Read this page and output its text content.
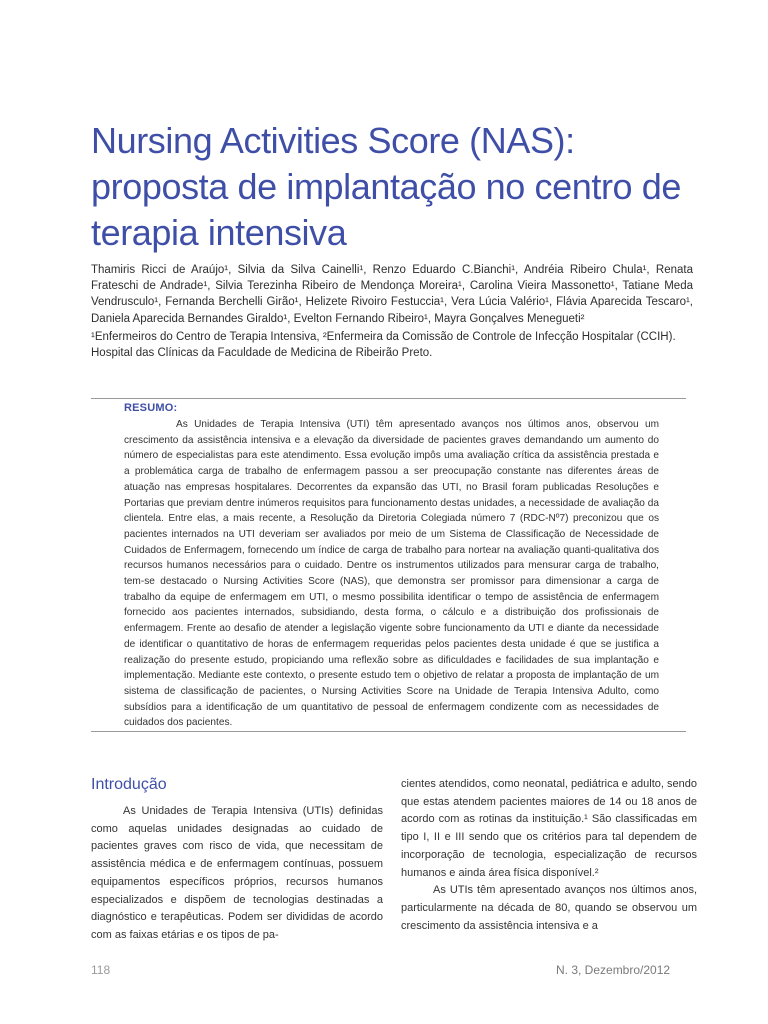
Nursing Activities Score (NAS): proposta de implantação no centro de terapia intensiva
Thamiris Ricci de Araújo¹, Silvia da Silva Cainelli¹, Renzo Eduardo C.Bianchi¹, Andréia Ribeiro Chula¹, Renata Frateschi de Andrade¹, Silvia Terezinha Ribeiro de Mendonça Moreira¹, Carolina Vieira Massonetto¹, Tatiane Meda Vendrusculo¹, Fernanda Berchelli Girão¹, Helizete Rivoiro Festuccia¹, Vera Lúcia Valério¹, Flávia Aparecida Tescaro¹, Daniela Aparecida Bernandes Giraldo¹, Evelton Fernando Ribeiro¹, Mayra Gonçalves Menegueti²
¹Enfermeiros do Centro de Terapia Intensiva, ²Enfermeira da Comissão de Controle de Infecção Hospitalar (CCIH). Hospital das Clínicas da Faculdade de Medicina de Ribeirão Preto.
RESUMO:
As Unidades de Terapia Intensiva (UTI) têm apresentado avanços nos últimos anos, observou um crescimento da assistência intensiva e a elevação da diversidade de pacientes graves demandando um aumento do número de especialistas para este atendimento. Essa evolução impôs uma avaliação crítica da assistência prestada e a problemática carga de trabalho de enfermagem passou a ser preocupação constante nas diferentes áreas de atuação nas empresas hospitalares. Decorrentes da expansão das UTI, no Brasil foram publicadas Resoluções e Portarias que previam dentre inúmeros requisitos para funcionamento destas unidades, a necessidade de avaliação da clientela. Entre elas, a mais recente, a Resolução da Diretoria Colegiada número 7 (RDC-Nº7) preconizou que os pacientes internados na UTI deveriam ser avaliados por meio de um Sistema de Classificação de Necessidade de Cuidados de Enfermagem, fornecendo um índice de carga de trabalho para nortear na avaliação quanti-qualitativa dos recursos humanos necessários para o cuidado. Dentre os instrumentos utilizados para mensurar carga de trabalho, tem-se destacado o Nursing Activities Score (NAS), que demonstra ser promissor para dimensionar a carga de trabalho da equipe de enfermagem em UTI, o mesmo possibilita identificar o tempo de assistência de enfermagem fornecido aos pacientes internados, subsidiando, desta forma, o cálculo e a distribuição dos profissionais de enfermagem. Frente ao desafio de atender a legislação vigente sobre funcionamento da UTI e diante da necessidade de identificar o quantitativo de horas de enfermagem requeridas pelos pacientes desta unidade é que se justifica a realização do presente estudo, propiciando uma reflexão sobre as dificuldades e facilidades de sua implantação e implementação. Mediante este contexto, o presente estudo tem o objetivo de relatar a proposta de implantação de um sistema de classificação de pacientes, o Nursing Activities Score na Unidade de Terapia Intensiva Adulto, como subsídios para a identificação de um quantitativo de pessoal de enfermagem condizente com as necessidades de cuidados dos pacientes.
Introdução

As Unidades de Terapia Intensiva (UTIs) definidas como aquelas unidades designadas ao cuidado de pacientes graves com risco de vida, que necessitam de assistência médica e de enfermagem contínuas, possuem equipamentos específicos próprios, recursos humanos especializados e dispõem de tecnologias destinadas a diagnóstico e terapêuticas. Podem ser divididas de acordo com as faixas etárias e os tipos de pa-

cientes atendidos, como neonatal, pediátrica e adulto, sendo que estas atendem pacientes maiores de 14 ou 18 anos de acordo com as rotinas da instituição.¹ São classificadas em tipo I, II e III sendo que os critérios para tal dependem de incorporação de tecnologia, especialização de recursos humanos e ainda área física disponível.²

As UTIs têm apresentado avanços nos últimos anos, particularmente na década de 80, quando se observou um crescimento da assistência intensiva e a

118	N. 3, Dezembro/2012
